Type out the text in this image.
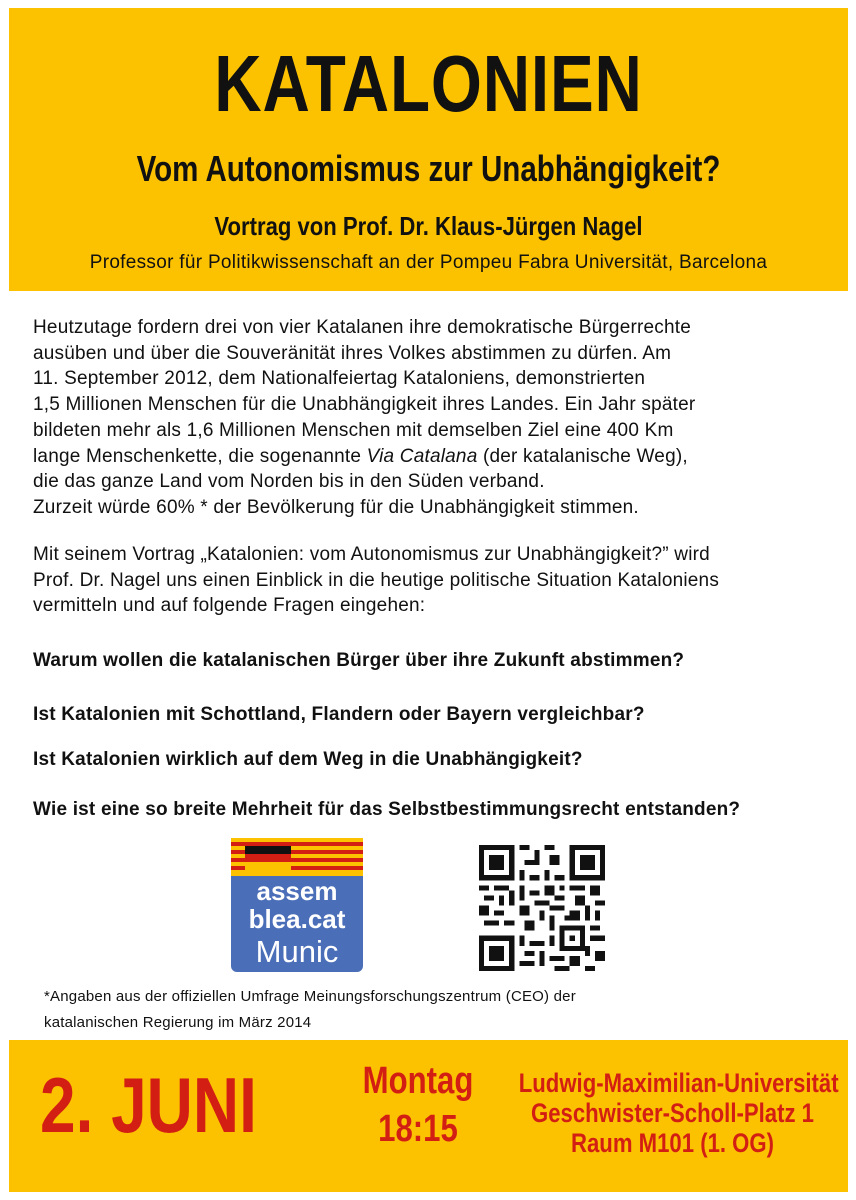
KATALONIEN
Vom Autonomismus zur Unabhängigkeit?
Vortrag von Prof. Dr. Klaus-Jürgen Nagel
Professor für Politikwissenschaft an der Pompeu Fabra Universität, Barcelona
Heutzutage fordern drei von vier Katalanen ihre demokratische Bürgerrechte
ausüben und über die Souveränität ihres Volkes abstimmen zu dürfen. Am
11. September 2012, dem Nationalfeiertag Kataloniens, demonstrierten
1,5 Millionen Menschen für die Unabhängigkeit ihres Landes. Ein Jahr später
bildeten mehr als 1,6 Millionen Menschen mit demselben Ziel eine 400 Km
lange Menschenkette, die sogenannte Via Catalana (der katalanische Weg),
die das ganze Land vom Norden bis in den Süden verband.
Zurzeit würde 60% * der Bevölkerung für die Unabhängigkeit stimmen.
Mit seinem Vortrag „Katalonien: vom Autonomismus zur Unabhängigkeit?” wird
Prof. Dr. Nagel uns einen Einblick in die heutige politische Situation Kataloniens
vermitteln und auf folgende Fragen eingehen:
Warum wollen die katalanischen Bürger über ihre Zukunft abstimmen?
Ist Katalonien mit Schottland, Flandern oder Bayern vergleichbar?
Ist Katalonien wirklich auf dem Weg in die Unabhängigkeit?
Wie ist eine so breite Mehrheit für das Selbstbestimmungsrecht entstanden?
assem
blea.cat
Munic
*Angaben aus der offiziellen Umfrage Meinungsforschungszentrum (CEO) der
katalanischen Regierung im März 2014
2. JUNI	Montag
18:15
Ludwig-Maximilian-Universität
Geschwister-Scholl-Platz 1
Raum M101 (1. OG)
